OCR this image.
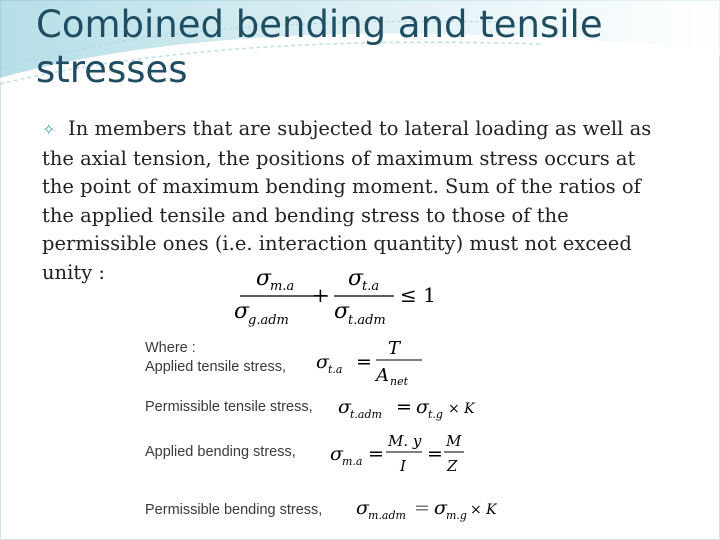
Combined bending and tensile stresses
✧ In members that are subjected to lateral loading as well as the axial tension, the positions of maximum stress occurs at the point of maximum bending moment. Sum of the ratios of the applied tensile and bending stress to those of the permissible ones (i.e. interaction quantity) must not exceed unity :	σ
m.a
σ
g.adm
+
σ
t.a
σ
t.adm
≤ 1
Where :
Applied tensile stress, σ t.a =
T
A net
Permissible tensile stress, σ t.adm = σ t.g × K
Applied bending stress, σ m.a =
M. y
I
=
M
Z
Permissible bending stress, σ m.adm = σ m.g × K
